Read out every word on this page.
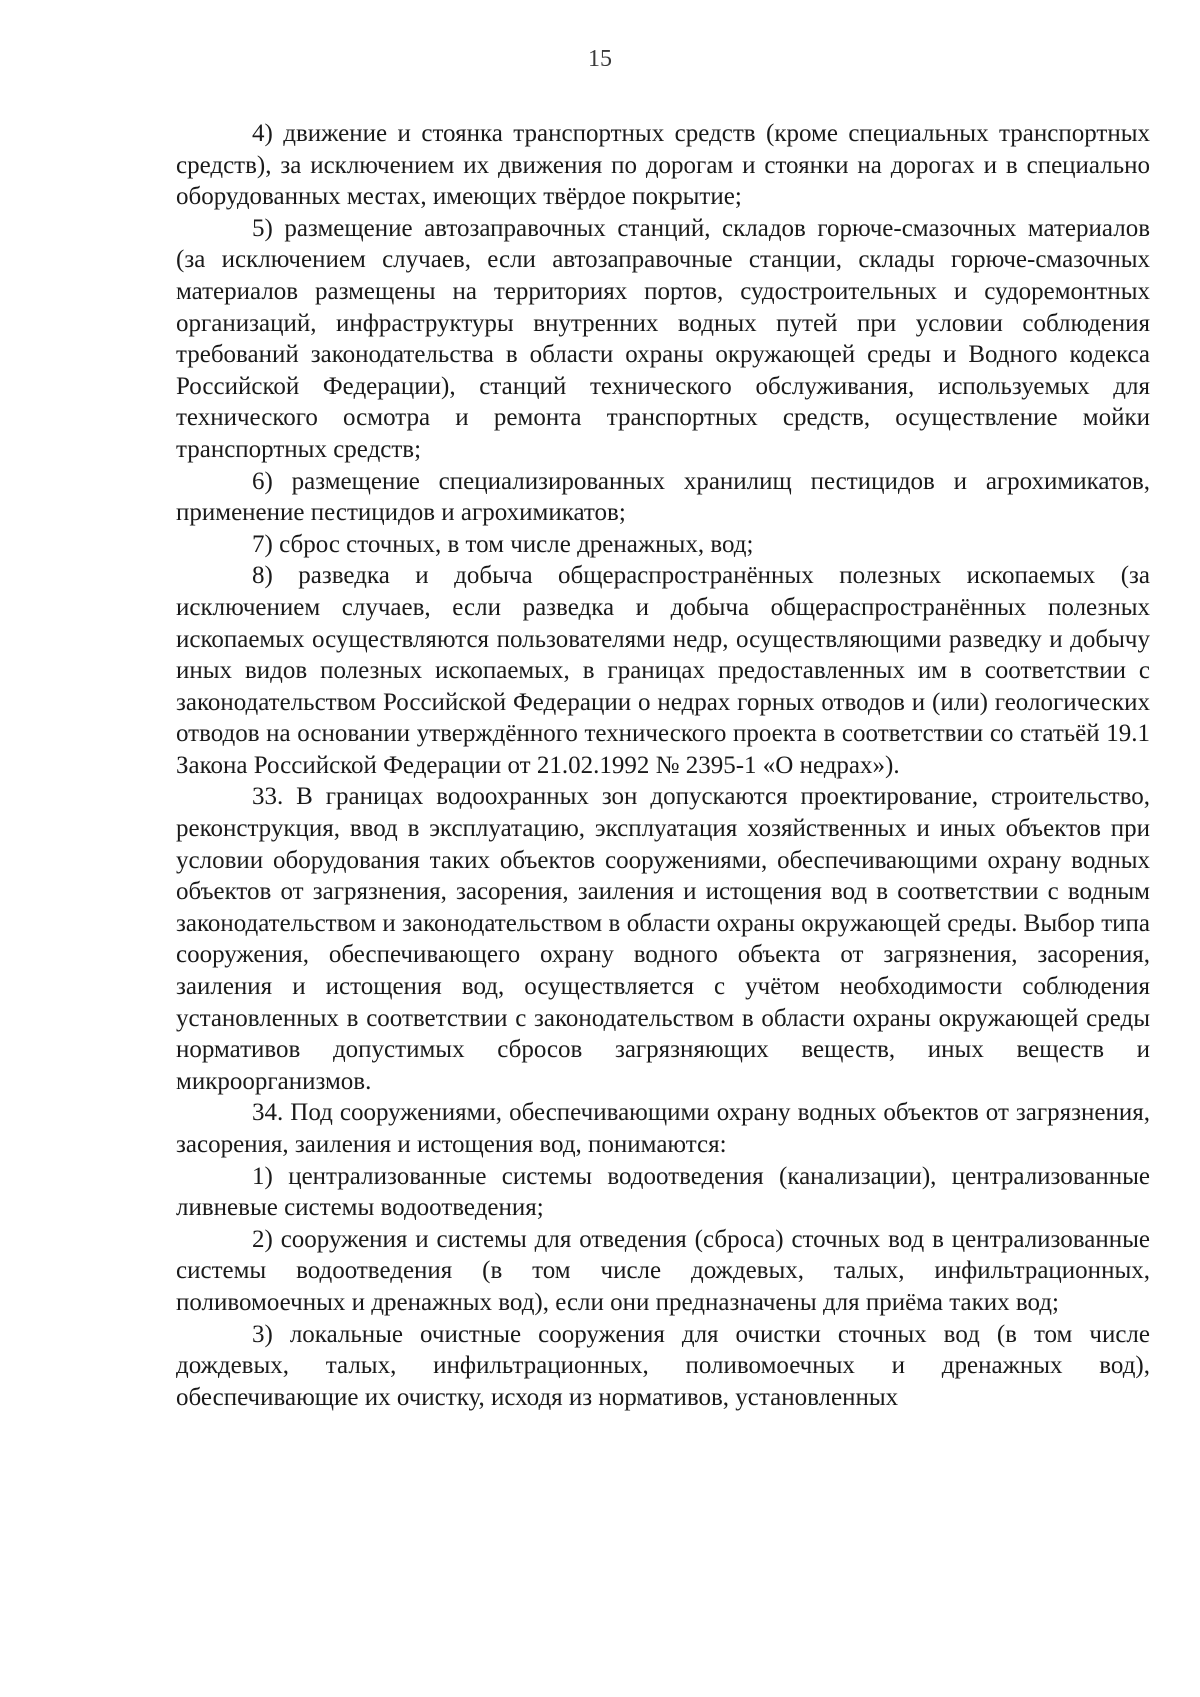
15

4) движение и стоянка транспортных средств (кроме специальных транспортных средств), за исключением их движения по дорогам и стоянки на дорогах и в специально оборудованных местах, имеющих твёрдое покрытие;

5) размещение автозаправочных станций, складов горюче-смазочных материалов (за исключением случаев, если автозаправочные станции, склады горюче-смазочных материалов размещены на территориях портов, судостроительных и судоремонтных организаций, инфраструктуры внутренних водных путей при условии соблюдения требований законодательства в области охраны окружающей среды и Водного кодекса Российской Федерации), станций технического обслуживания, используемых для технического осмотра и ремонта транспортных средств, осуществление мойки транспортных средств;

6) размещение специализированных хранилищ пестицидов и агрохимикатов, применение пестицидов и агрохимикатов;

7) сброс сточных, в том числе дренажных, вод;

8) разведка и добыча общераспространённых полезных ископаемых (за исключением случаев, если разведка и добыча общераспространённых полезных ископаемых осуществляются пользователями недр, осуществляющими разведку и добычу иных видов полезных ископаемых, в границах предоставленных им в соответствии с законодательством Российской Федерации о недрах горных отводов и (или) геологических отводов на основании утверждённого технического проекта в соответствии со статьёй 19.1 Закона Российской Федерации от 21.02.1992 № 2395-1 «О недрах»).

33. В границах водоохранных зон допускаются проектирование, строительство, реконструкция, ввод в эксплуатацию, эксплуатация хозяйственных и иных объектов при условии оборудования таких объектов сооружениями, обеспечивающими охрану водных объектов от загрязнения, засорения, заиления и истощения вод в соответствии с водным законодательством и законодательством в области охраны окружающей среды. Выбор типа сооружения, обеспечивающего охрану водного объекта от загрязнения, засорения, заиления и истощения вод, осуществляется с учётом необходимости соблюдения установленных в соответствии с законодательством в области охраны окружающей среды нормативов допустимых сбросов загрязняющих веществ, иных веществ и микроорганизмов.

34. Под сооружениями, обеспечивающими охрану водных объектов от загрязнения, засорения, заиления и истощения вод, понимаются:

1) централизованные системы водоотведения (канализации), централизованные ливневые системы водоотведения;

2) сооружения и системы для отведения (сброса) сточных вод в централизованные системы водоотведения (в том числе дождевых, талых, инфильтрационных, поливомоечных и дренажных вод), если они предназначены для приёма таких вод;

3) локальные очистные сооружения для очистки сточных вод (в том числе дождевых, талых, инфильтрационных, поливомоечных и дренажных вод), обеспечивающие их очистку, исходя из нормативов, установленных
